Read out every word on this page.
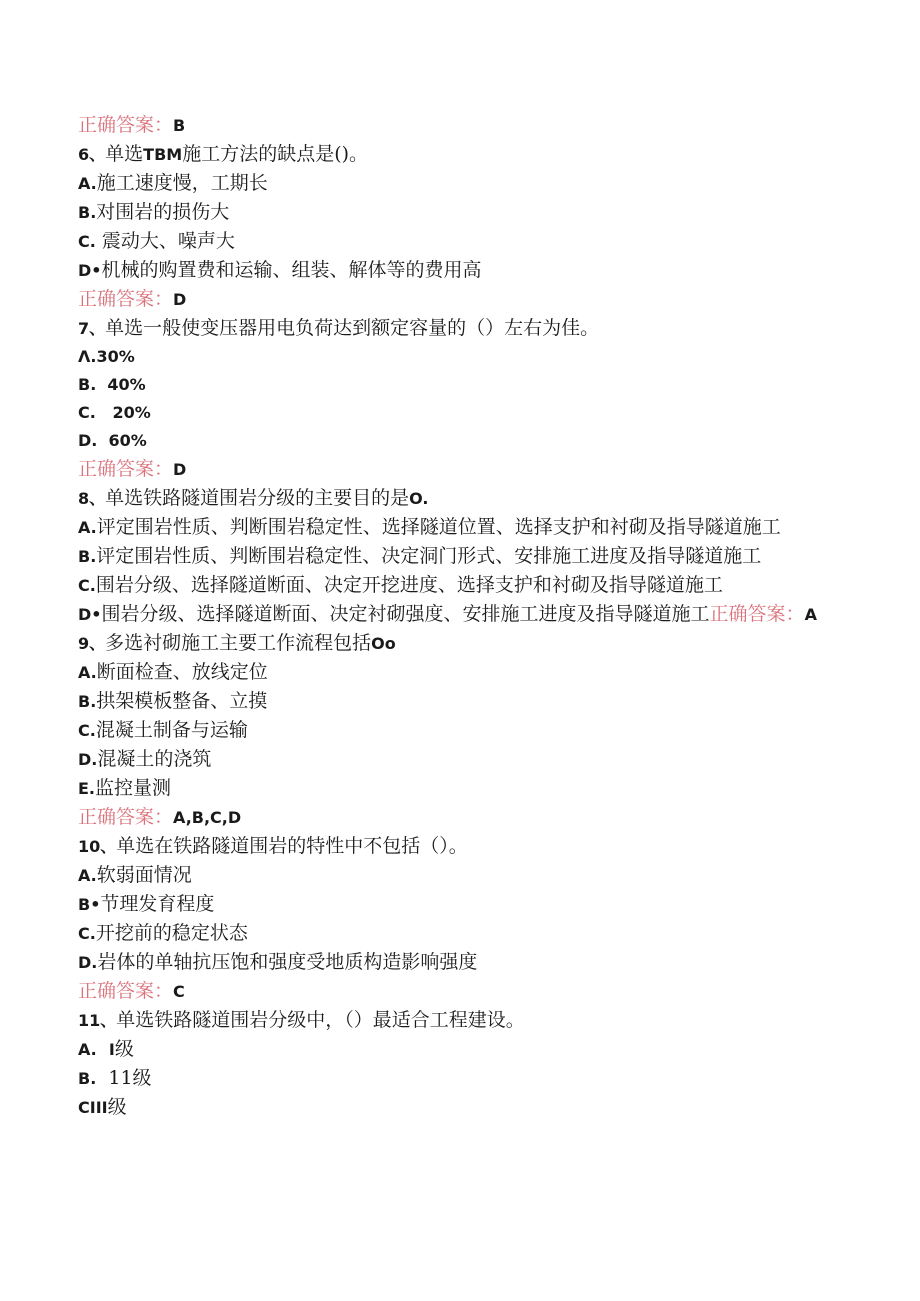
正确答案：B
6、单选TBM施工方法的缺点是()。
A.施工速度慢，工期长
B.对围岩的损伤大
C. 震动大、噪声大
D•机械的购置费和运输、组装、解体等的费用高
正确答案：D
7、单选一般使变压器用电负荷达到额定容量的（）左右为佳。
Λ.30%
B.  40%
C.   20%
D.  60%
正确答案：D
8、单选铁路隧道围岩分级的主要目的是O.
A.评定围岩性质、判断围岩稳定性、选择隧道位置、选择支护和衬砌及指导隧道施工
B.评定围岩性质、判断围岩稳定性、决定洞门形式、安排施工进度及指导隧道施工
C.围岩分级、选择隧道断面、决定开挖进度、选择支护和衬砌及指导隧道施工
D•围岩分级、选择隧道断面、决定衬砌强度、安排施工进度及指导隧道施工正确答案：A
9、多选衬砌施工主要工作流程包括Oo
A.断面检查、放线定位
B.拱架模板整备、立摸
C.混凝土制备与运输
D.混凝土的浇筑
E.监控量测
正确答案：A,B,C,D
10、单选在铁路隧道围岩的特性中不包括（）。
A.软弱面情况
B•节理发育程度
C.开挖前的稳定状态
D.岩体的单轴抗压饱和强度受地质构造影响强度
正确答案：C
11、单选铁路隧道围岩分级中，（）最适合工程建设。
A. I级
B. 11级
CIII级
